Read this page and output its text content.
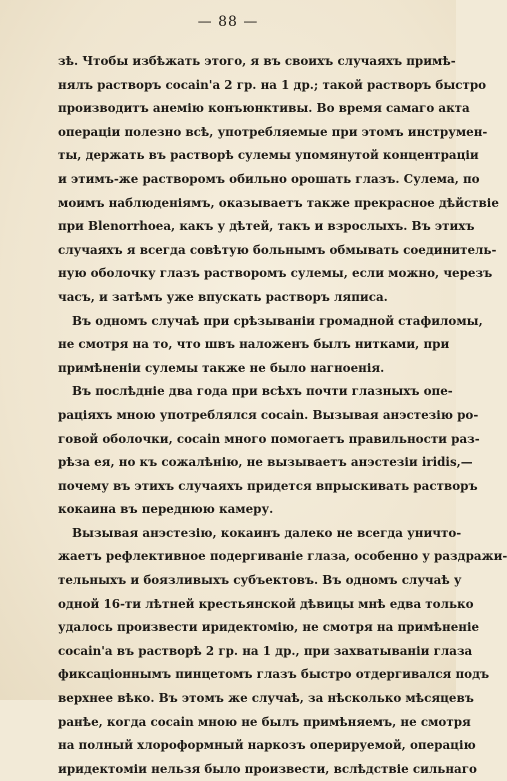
— 88 —
зѣ. Чтобы избѣжать этого, я въ своихъ случаяхъ примѣ-
нялъ растворъ cocain'a 2 гр. на 1 др.; такой растворъ быстро
производитъ анемію конъюнктивы. Во время самаго акта
операціи полезно всѣ, употребляемые при этомъ инструмен-
ты, держать въ растворѣ сулемы упомянутой концентраціи
и этимъ-же растворомъ обильно орошать глазъ. Сулема, по
моимъ наблюденіямъ, оказываетъ также прекрасное дѣйствіе
при Blenorrhoea, какъ у дѣтей, такъ и взрослыхъ. Въ этихъ
случаяхъ я всегда совѣтую больнымъ обмывать соединитель-
ную оболочку глазъ растворомъ сулемы, если можно, черезъ
часъ, и затѣмъ уже впускать растворъ ляписа.
Въ одномъ случаѣ при срѣзываніи громадной стафиломы,
не смотря на то, что швъ наложенъ былъ нитками, при
примѣненіи сулемы также не было нагноенія.
Въ послѣдніе два года при всѣхъ почти глазныхъ опе-
раціяхъ мною употреблялся cocain. Вызывая анэстезію ро-
говой оболочки, cocain много помогаетъ правильности раз-
рѣза ея, но къ сожалѣнію, не вызываетъ анэстезіи iridis,—
почему въ этихъ случаяхъ придется впрыскивать растворъ
кокаина въ переднюю камеру.
Вызывая анэстезію, кокаинъ далеко не всегда уничто-
жаетъ рефлективное подергиваніе глаза, особенно у раздражи-
тельныхъ и боязливыхъ субъектовъ. Въ одномъ случаѣ у
одной 16-ти лѣтней крестьянской дѣвицы мнѣ едва только
удалось произвести иридектомію, не смотря на примѣненіе
cocain'a въ растворѣ 2 гр. на 1 др., при захватываніи глаза
фиксаціоннымъ пинцетомъ глазъ быстро отдергивался подъ
верхнее вѣко. Въ этомъ же случаѣ, за нѣсколько мѣсяцевъ
ранѣе, когда cocain мною не былъ примѣняемъ, не смотря
на полный хлороформный наркозъ оперируемой, операцію
иридектоміи нельзя было произвести, вслѣдствіе сильнаго
